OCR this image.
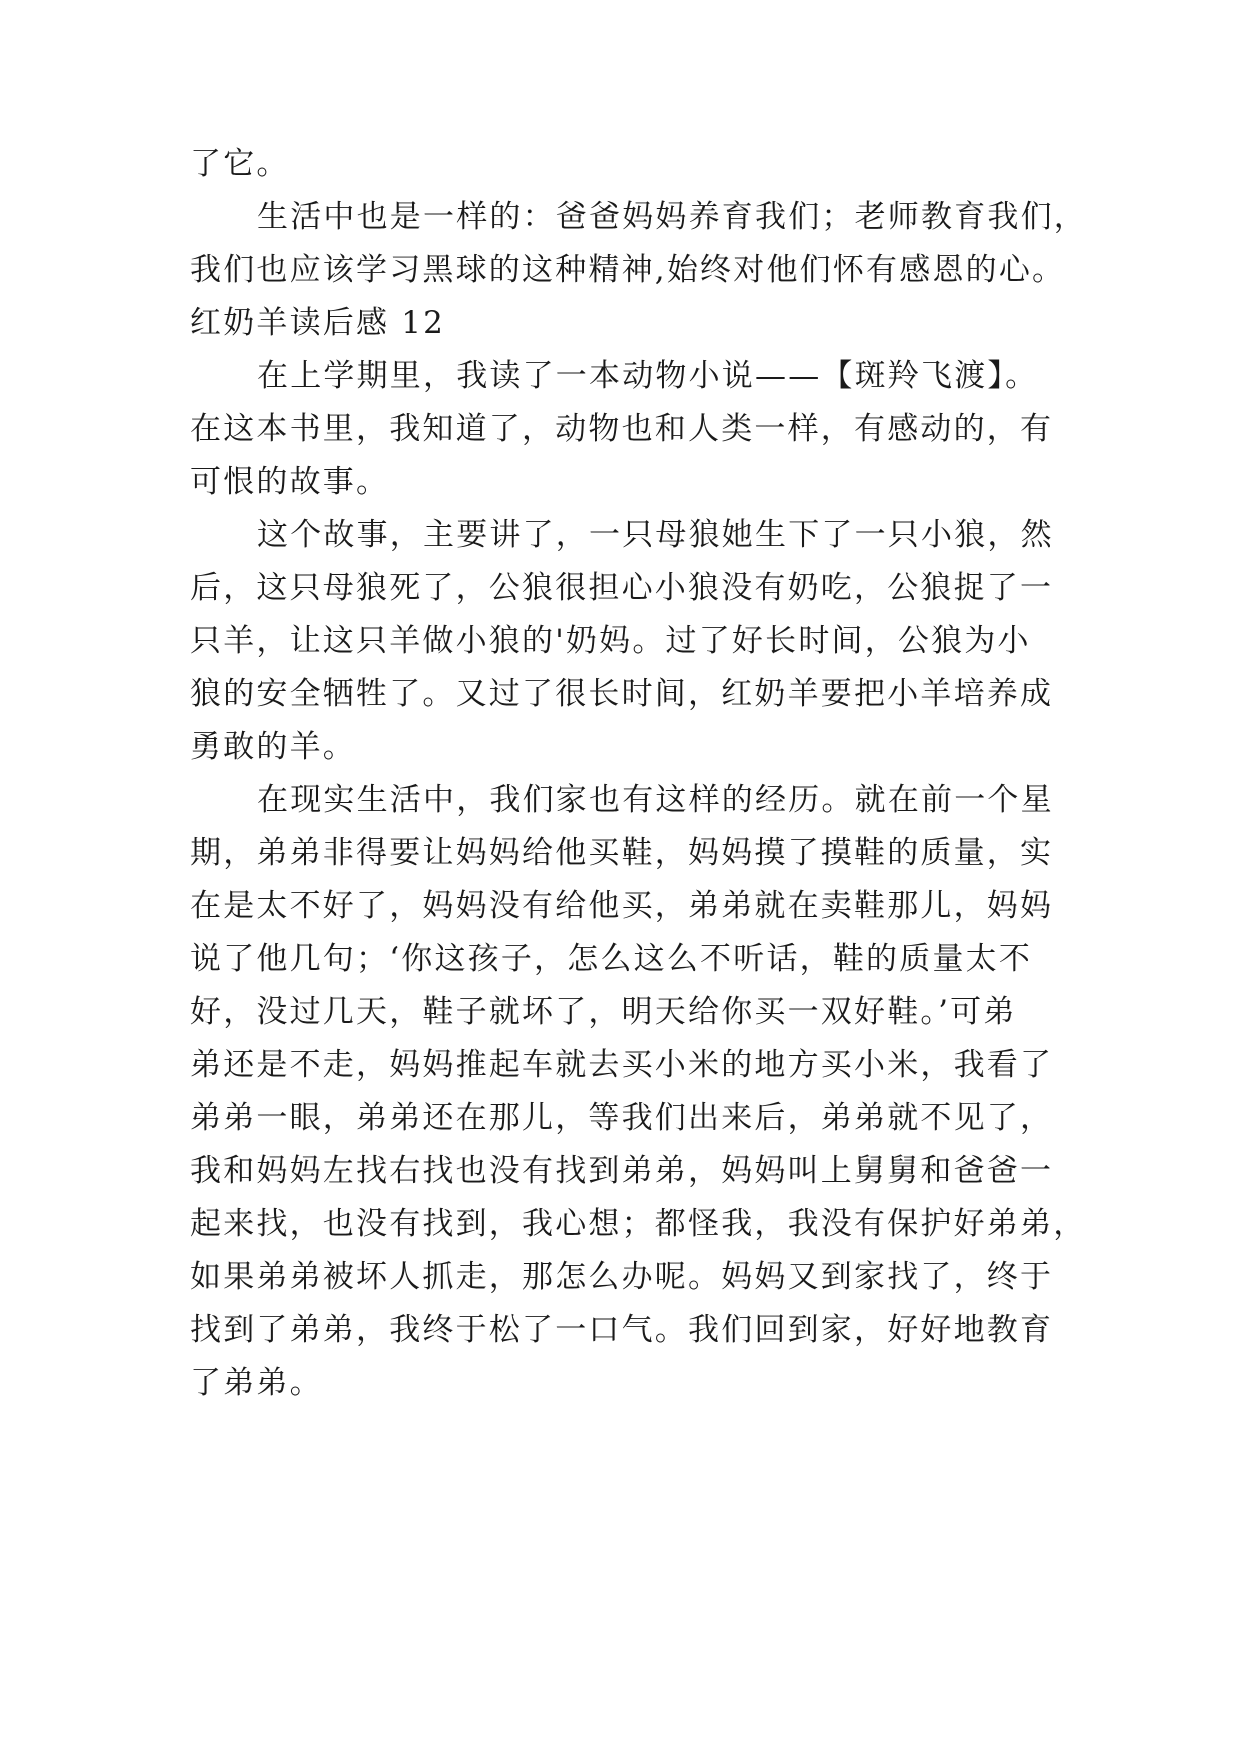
了它。

生活中也是一样的：爸爸妈妈养育我们；老师教育我们，

我们也应该学习黑球的这种精神,始终对他们怀有感恩的心。

红奶羊读后感 12

在上学期里，我读了一本动物小说——【斑羚飞渡】。

在这本书里，我知道了，动物也和人类一样，有感动的，有

可恨的故事。

这个故事，主要讲了，一只母狼她生下了一只小狼，然

后，这只母狼死了，公狼很担心小狼没有奶吃，公狼捉了一

只羊，让这只羊做小狼的'奶妈。过了好长时间，公狼为小

狼的安全牺牲了。又过了很长时间，红奶羊要把小羊培养成

勇敢的羊。

在现实生活中，我们家也有这样的经历。就在前一个星

期，弟弟非得要让妈妈给他买鞋，妈妈摸了摸鞋的质量，实

在是太不好了，妈妈没有给他买，弟弟就在卖鞋那儿，妈妈

说了他几句；‘你这孩子，怎么这么不听话，鞋的质量太不

好，没过几天，鞋子就坏了，明天给你买一双好鞋。’可弟

弟还是不走，妈妈推起车就去买小米的地方买小米，我看了

弟弟一眼，弟弟还在那儿，等我们出来后，弟弟就不见了，

我和妈妈左找右找也没有找到弟弟，妈妈叫上舅舅和爸爸一

起来找，也没有找到，我心想；都怪我，我没有保护好弟弟，

如果弟弟被坏人抓走，那怎么办呢。妈妈又到家找了，终于

找到了弟弟，我终于松了一口气。我们回到家，好好地教育

了弟弟。
